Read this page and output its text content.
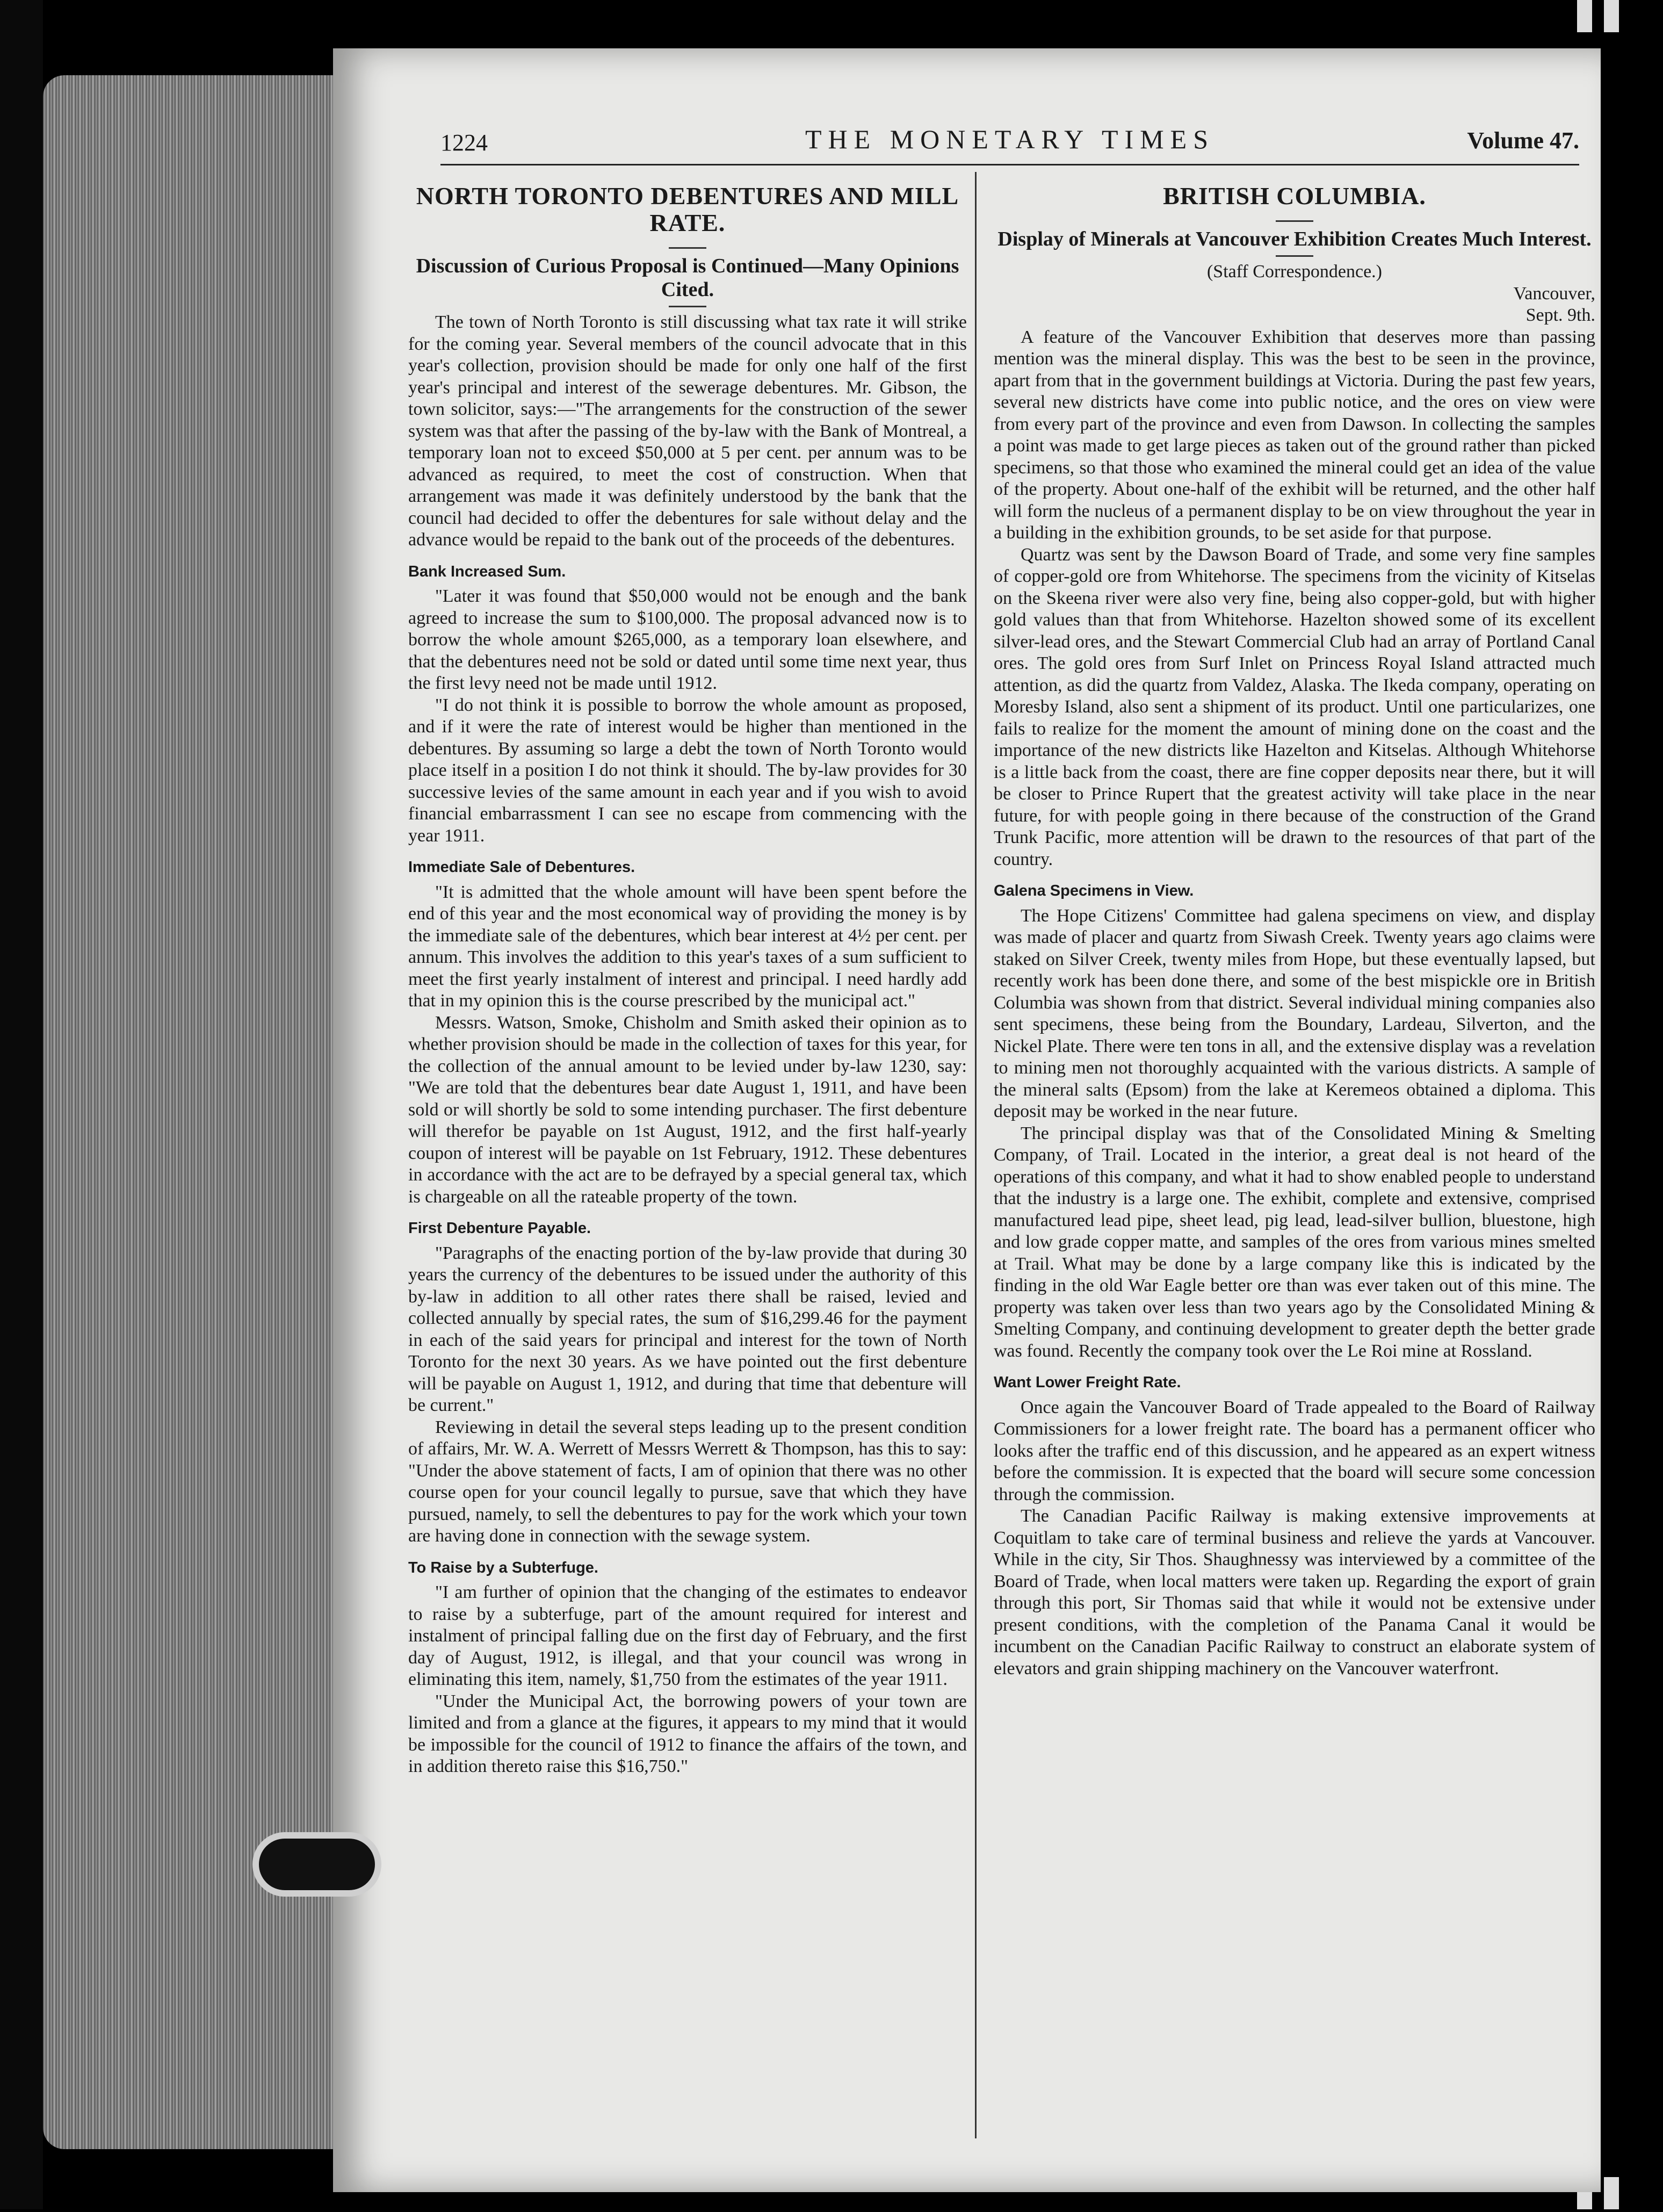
1224	THE MONETARY TIMES	Volume 47.
NORTH TORONTO DEBENTURES AND MILL RATE.
Discussion of Curious Proposal is Continued—Many Opinions Cited.

The town of North Toronto is still discussing what tax rate it will strike for the coming year. Several members of the council advocate that in this year's collection, provision should be made for only one half of the first year's principal and interest of the sewerage debentures. Mr. Gibson, the town solicitor, says:—"The arrangements for the construction of the sewer system was that after the passing of the by-law with the Bank of Montreal, a temporary loan not to exceed $50,000 at 5 per cent. per annum was to be advanced as required, to meet the cost of construction. When that arrangement was made it was definitely understood by the bank that the council had decided to offer the debentures for sale without delay and the advance would be repaid to the bank out of the proceeds of the debentures.

Bank Increased Sum.

"Later it was found that $50,000 would not be enough and the bank agreed to increase the sum to $100,000. The proposal advanced now is to borrow the whole amount $265,000, as a temporary loan elsewhere, and that the debentures need not be sold or dated until some time next year, thus the first levy need not be made until 1912.

"I do not think it is possible to borrow the whole amount as proposed, and if it were the rate of interest would be higher than mentioned in the debentures. By assuming so large a debt the town of North Toronto would place itself in a position I do not think it should. The by-law provides for 30 successive levies of the same amount in each year and if you wish to avoid financial embarrassment I can see no escape from commencing with the year 1911.

Immediate Sale of Debentures.

"It is admitted that the whole amount will have been spent before the end of this year and the most economical way of providing the money is by the immediate sale of the debentures, which bear interest at 4½ per cent. per annum. This involves the addition to this year's taxes of a sum sufficient to meet the first yearly instalment of interest and principal. I need hardly add that in my opinion this is the course prescribed by the municipal act."

Messrs. Watson, Smoke, Chisholm and Smith asked their opinion as to whether provision should be made in the collection of taxes for this year, for the collection of the annual amount to be levied under by-law 1230, say: "We are told that the debentures bear date August 1, 1911, and have been sold or will shortly be sold to some intending purchaser. The first debenture will therefor be payable on 1st August, 1912, and the first half-yearly coupon of interest will be payable on 1st February, 1912. These debentures in accordance with the act are to be defrayed by a special general tax, which is chargeable on all the rateable property of the town.

First Debenture Payable.

"Paragraphs of the enacting portion of the by-law provide that during 30 years the currency of the debentures to be issued under the authority of this by-law in addition to all other rates there shall be raised, levied and collected annually by special rates, the sum of $16,299.46 for the payment in each of the said years for principal and interest for the town of North Toronto for the next 30 years. As we have pointed out the first debenture will be payable on August 1, 1912, and during that time that debenture will be current."

Reviewing in detail the several steps leading up to the present condition of affairs, Mr. W. A. Werrett of Messrs Werrett & Thompson, has this to say: "Under the above statement of facts, I am of opinion that there was no other course open for your council legally to pursue, save that which they have pursued, namely, to sell the debentures to pay for the work which your town are having done in connection with the sewage system.

To Raise by a Subterfuge.

"I am further of opinion that the changing of the estimates to endeavor to raise by a subterfuge, part of the amount required for interest and instalment of principal falling due on the first day of February, and the first day of August, 1912, is illegal, and that your council was wrong in eliminating this item, namely, $1,750 from the estimates of the year 1911.

"Under the Municipal Act, the borrowing powers of your town are limited and from a glance at the figures, it appears to my mind that it would be impossible for the council of 1912 to finance the affairs of the town, and in addition thereto raise this $16,750."

BRITISH COLUMBIA.
Display of Minerals at Vancouver Exhibition Creates Much Interest.

(Staff Correspondence.)

Vancouver,

Sept. 9th.

A feature of the Vancouver Exhibition that deserves more than passing mention was the mineral display. This was the best to be seen in the province, apart from that in the government buildings at Victoria. During the past few years, several new districts have come into public notice, and the ores on view were from every part of the province and even from Dawson. In collecting the samples a point was made to get large pieces as taken out of the ground rather than picked specimens, so that those who examined the mineral could get an idea of the value of the property. About one-half of the exhibit will be returned, and the other half will form the nucleus of a permanent display to be on view throughout the year in a building in the exhibition grounds, to be set aside for that purpose.

Quartz was sent by the Dawson Board of Trade, and some very fine samples of copper-gold ore from Whitehorse. The specimens from the vicinity of Kitselas on the Skeena river were also very fine, being also copper-gold, but with higher gold values than that from Whitehorse. Hazelton showed some of its excellent silver-lead ores, and the Stewart Commercial Club had an array of Portland Canal ores. The gold ores from Surf Inlet on Princess Royal Island attracted much attention, as did the quartz from Valdez, Alaska. The Ikeda company, operating on Moresby Island, also sent a shipment of its product. Until one particularizes, one fails to realize for the moment the amount of mining done on the coast and the importance of the new districts like Hazelton and Kitselas. Although Whitehorse is a little back from the coast, there are fine copper deposits near there, but it will be closer to Prince Rupert that the greatest activity will take place in the near future, for with people going in there because of the construction of the Grand Trunk Pacific, more attention will be drawn to the resources of that part of the country.

Galena Specimens in View.

The Hope Citizens' Committee had galena specimens on view, and display was made of placer and quartz from Siwash Creek. Twenty years ago claims were staked on Silver Creek, twenty miles from Hope, but these eventually lapsed, but recently work has been done there, and some of the best mispickle ore in British Columbia was shown from that district. Several individual mining companies also sent specimens, these being from the Boundary, Lardeau, Silverton, and the Nickel Plate. There were ten tons in all, and the extensive display was a revelation to mining men not thoroughly acquainted with the various districts. A sample of the mineral salts (Epsom) from the lake at Keremeos obtained a diploma. This deposit may be worked in the near future.

The principal display was that of the Consolidated Mining & Smelting Company, of Trail. Located in the interior, a great deal is not heard of the operations of this company, and what it had to show enabled people to understand that the industry is a large one. The exhibit, complete and extensive, comprised manufactured lead pipe, sheet lead, pig lead, lead-silver bullion, bluestone, high and low grade copper matte, and samples of the ores from various mines smelted at Trail. What may be done by a large company like this is indicated by the finding in the old War Eagle better ore than was ever taken out of this mine. The property was taken over less than two years ago by the Consolidated Mining & Smelting Company, and continuing development to greater depth the better grade was found. Recently the company took over the Le Roi mine at Rossland.

Want Lower Freight Rate.

Once again the Vancouver Board of Trade appealed to the Board of Railway Commissioners for a lower freight rate. The board has a permanent officer who looks after the traffic end of this discussion, and he appeared as an expert witness before the commission. It is expected that the board will secure some concession through the commission.

The Canadian Pacific Railway is making extensive improvements at Coquitlam to take care of terminal business and relieve the yards at Vancouver. While in the city, Sir Thos. Shaughnessy was interviewed by a committee of the Board of Trade, when local matters were taken up. Regarding the export of grain through this port, Sir Thomas said that while it would not be extensive under present conditions, with the completion of the Panama Canal it would be incumbent on the Canadian Pacific Railway to construct an elaborate system of elevators and grain shipping machinery on the Vancouver waterfront.
